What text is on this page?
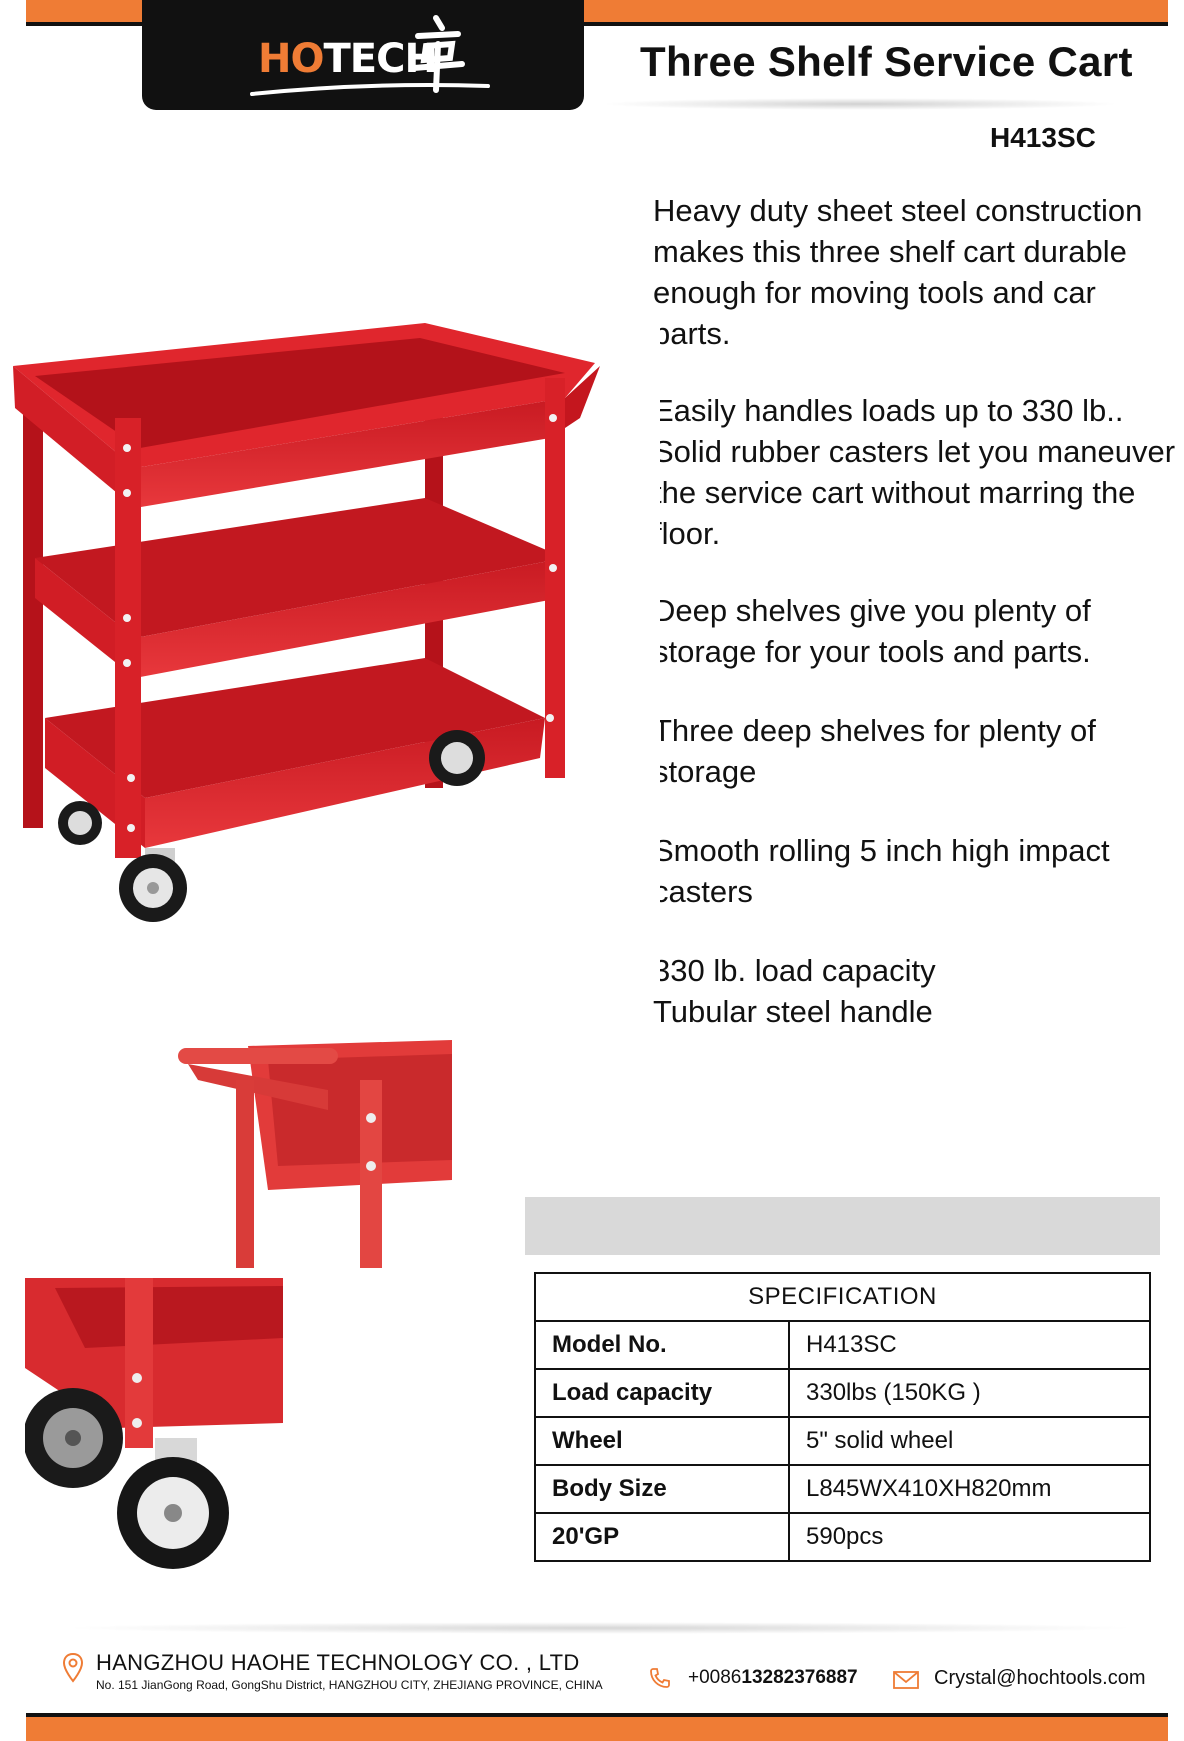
HOTECH	Three Shelf Service Cart
H413SC
Heavy duty sheet steel construction makes this three shelf cart durable enough for moving tools and car parts.
Easily handles loads up to 330 lb.. Solid rubber casters let you maneuver the service cart without marring the floor.
Deep shelves give you plenty of storage for your tools and parts.
Three deep shelves for plenty of storage
Smooth rolling 5 inch high impact casters
330 lb. load capacity
Tubular steel handle
SPECIFICATION	
Model No.	H413SC
Load capacity	330lbs (150KG )
Wheel	5" solid wheel
Body Size	L845WX410XH820mm
20'GP	590pcs
HANGZHOU HAOHE TECHNOLOGY CO. , LTD
No. 151 JianGong Road, GongShu District, HANGZHOU CITY, ZHEJIANG PROVINCE, CHINA	+008613282376887	Crystal@hochtools.com
